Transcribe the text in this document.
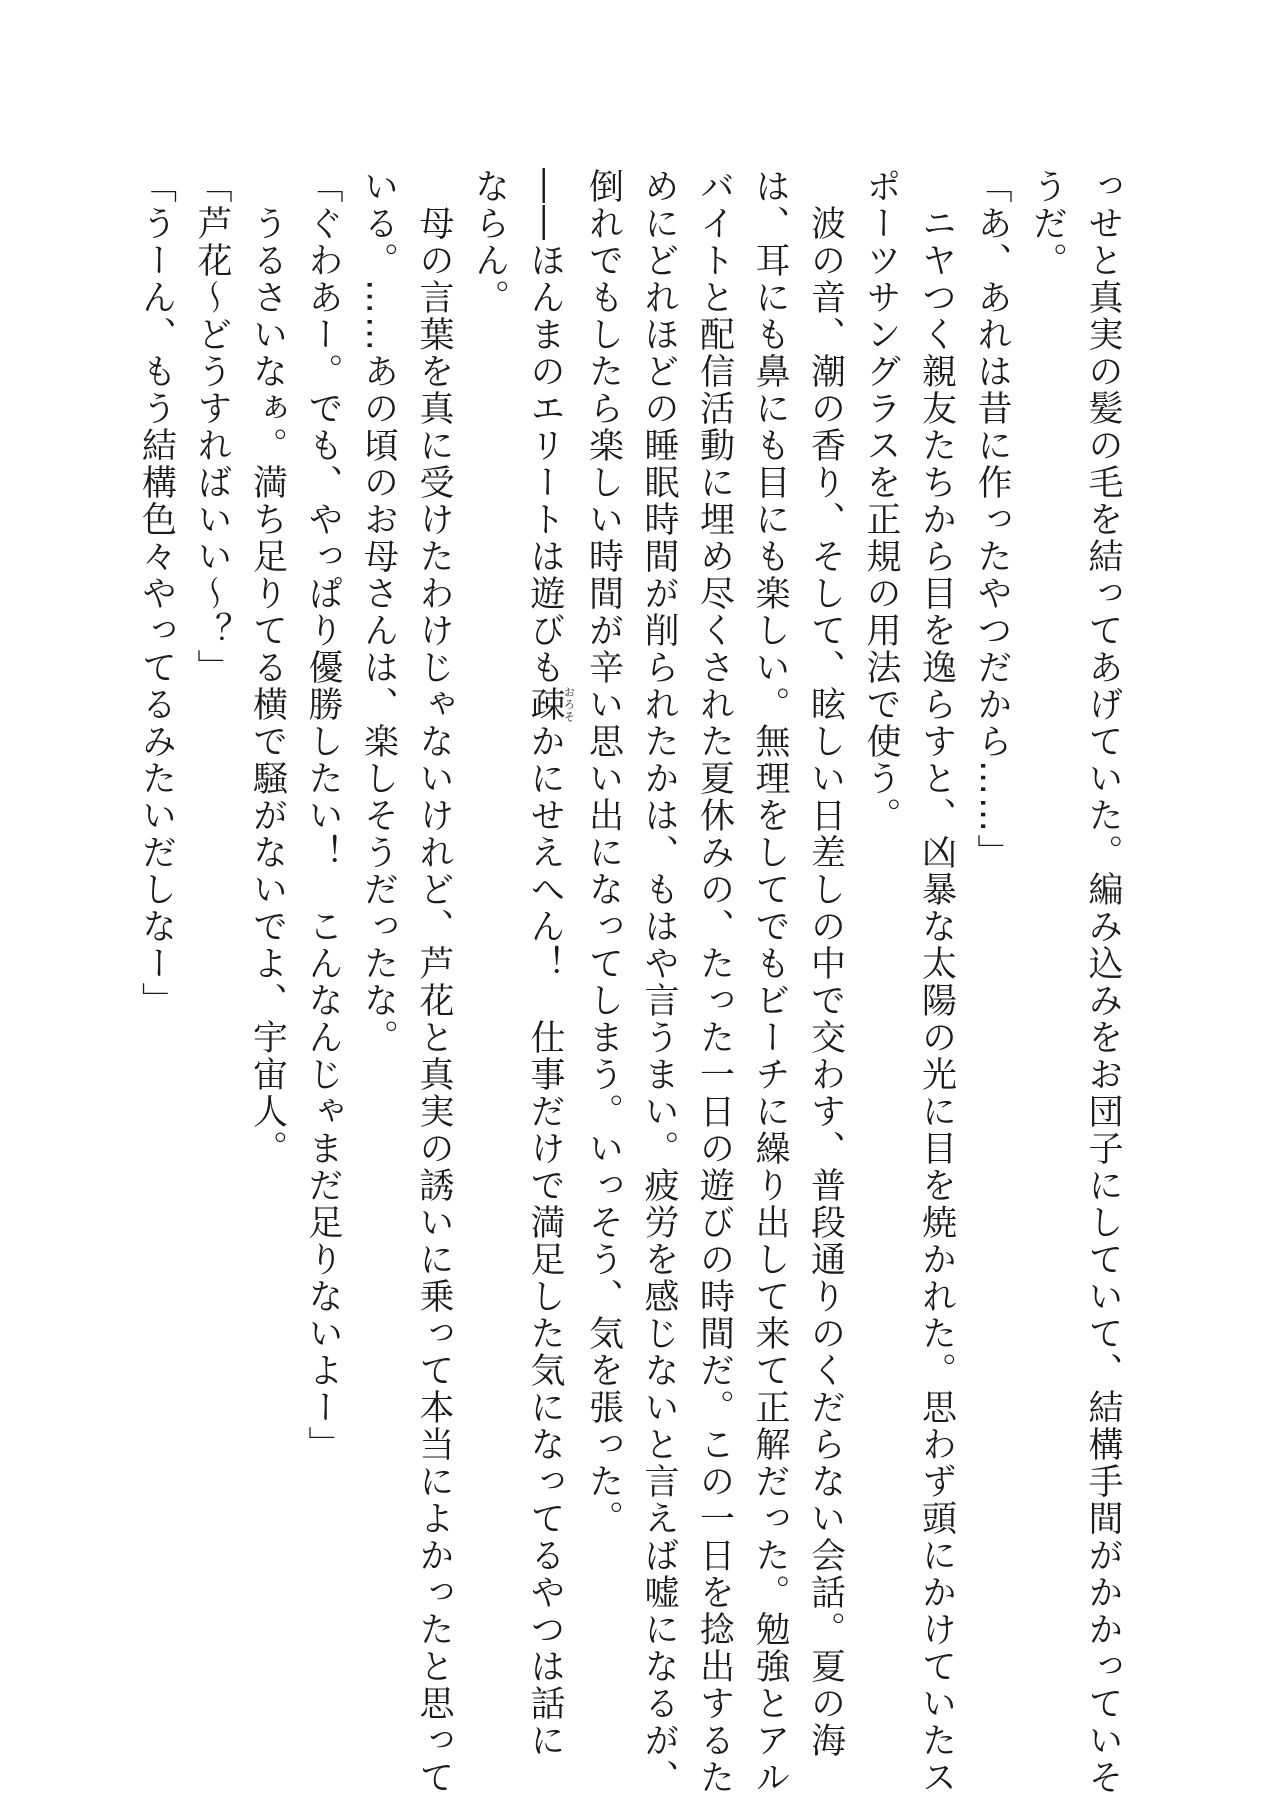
っせと真実の髪の毛を結ってあげていた。編み込みをお団子にしていて、結構手間がかかっていそ
うだ。
「あ、あれは昔に作ったやつだから……」
　ニヤつく親友たちから目を逸らすと、凶暴な太陽の光に目を焼かれた。思わず頭にかけていたス
ポーツサングラスを正規の用法で使う。
　波の音、潮の香り、そして、眩しい日差しの中で交わす、普段通りのくだらない会話。夏の海
は、耳にも鼻にも目にも楽しい。無理をしてでもビーチに繰り出して来て正解だった。勉強とアル
バイトと配信活動に埋め尽くされた夏休みの、たった一日の遊びの時間だ。この一日を捻出するた
めにどれほどの睡眠時間が削られたかは、もはや言うまい。疲労を感じないと言えば嘘になるが、
倒れでもしたら楽しい時間が辛い思い出になってしまう。いっそう、気を張った。
――ほんまのエリートは遊びも疎おろそかにせえへん！　仕事だけで満足した気になってるやつは話に
ならん。
　母の言葉を真に受けたわけじゃないけれど、芦花と真実の誘いに乗って本当によかったと思って
いる。……あの頃のお母さんは、楽しそうだったな。
「ぐわあー。でも、やっぱり優勝したい！　こんなんじゃまだ足りないよー」
　うるさいなぁ。満ち足りてる横で騒がないでよ、宇宙人。
「芦花～どうすればいい～？」
「うーん、もう結構色々やってるみたいだしなー」
